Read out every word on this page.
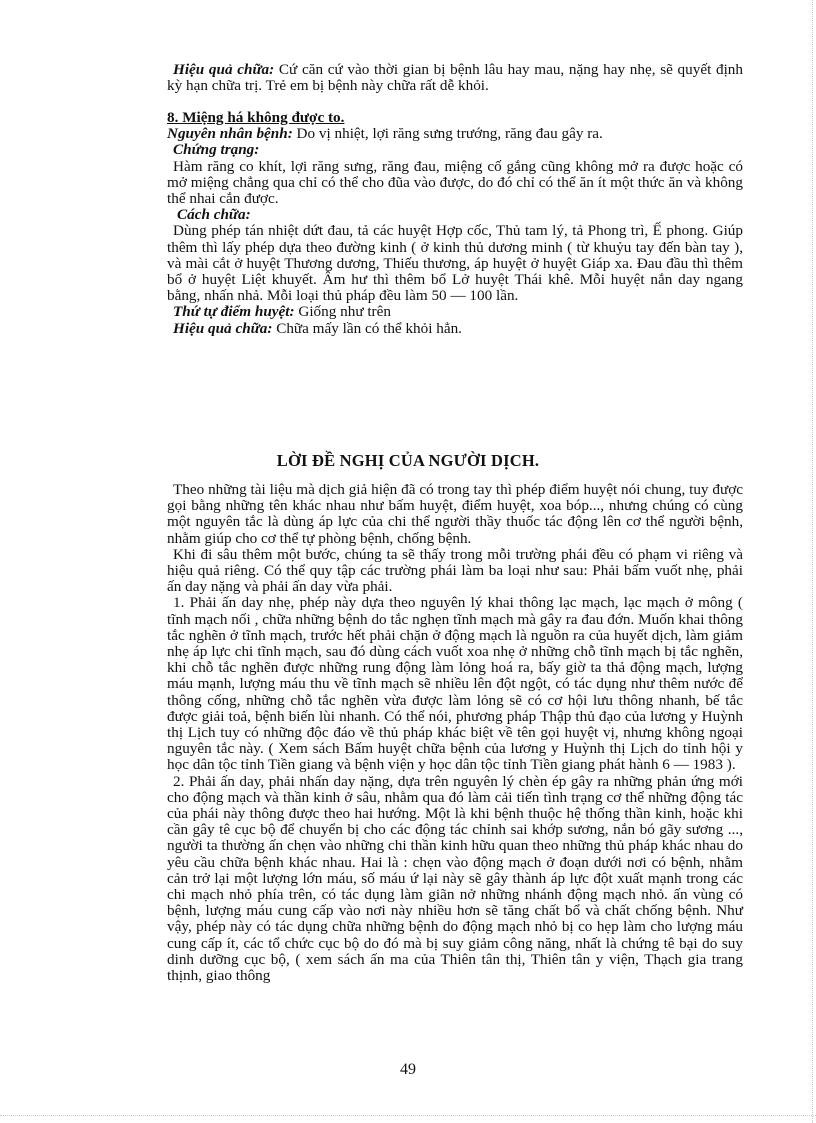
Hiệu quả chữa: Cứ căn cứ vào thời gian bị bệnh lâu hay mau, nặng hay nhẹ, sẽ quyết định kỳ hạn chữa trị. Trẻ em bị bệnh này chữa rất dễ khỏi.

8. Miệng há không được to.

Nguyên nhân bệnh: Do vị nhiệt, lợi răng sưng trướng, răng đau gây ra.

Chứng trạng:

Hàm răng co khít, lợi răng sưng, răng đau, miệng cố gắng cũng không mở ra được hoặc có mở miệng chẳng qua chỉ có thể cho đũa vào được, do đó chỉ có thể ăn ít một thức ăn và không thể nhai cắn được.

Cách chữa:

Dùng phép tán nhiệt dứt đau, tả các huyệt Hợp cốc, Thủ tam lý, tả Phong trì, Ế phong. Giúp thêm thì lấy phép dựa theo đường kinh ( ở kinh thủ dương minh ( từ khuỷu tay đến bàn tay ), và mài cắt ở huyệt Thương dương, Thiếu thương, áp huyệt ở huyệt Giáp xa. Đau đầu thì thêm bổ ở huyệt Liệt khuyết. Âm hư thì thêm bổ Lở huyệt Thái khê. Mỗi huyệt nắn day ngang bằng, nhấn nhả. Mỗi loại thủ pháp đều làm 50 — 100 lần.

Thứ tự điểm huyệt: Giống như trên

Hiệu quả chữa: Chữa mấy lần có thể khỏi hẳn.

LỜI ĐỀ NGHỊ CỦA NGƯỜI DỊCH.

Theo những tài liệu mà dịch giả hiện đã có trong tay thì phép điểm huyệt nói chung, tuy được gọi bằng những tên khác nhau như bấm huyệt, điểm huyệt, xoa bóp..., nhưng chúng có cùng một nguyên tắc là dùng áp lực của chi thể người thầy thuốc tác động lên cơ thể người bệnh, nhằm giúp cho cơ thể tự phòng bệnh, chống bệnh.

Khi đi sâu thêm một bước, chúng ta sẽ thấy trong mỗi trường phái đều có phạm vi riêng và hiệu quả riêng. Có thể quy tập các trường phái làm ba loại như sau: Phải bấm vuốt nhẹ, phải ấn day nặng và phải ấn day vừa phải.

1. Phải ấn day nhẹ, phép này dựa theo nguyên lý khai thông lạc mạch, lạc mạch ở mông ( tĩnh mạch nối , chữa những bệnh do tắc nghẹn tĩnh mạch mà gây ra đau đớn. Muốn khai thông tắc nghẽn ở tĩnh mạch, trước hết phải chặn ở động mạch là nguồn ra của huyết dịch, làm giảm nhẹ áp lực chi tĩnh mạch, sau đó dùng cách vuốt xoa nhẹ ở những chỗ tĩnh mạch bị tắc nghẽn, khi chỗ tắc nghẽn được những rung động làm lỏng hoá ra, bấy giờ ta thả động mạch, lượng máu mạnh, lượng máu thu về tĩnh mạch sẽ nhiều lên đột ngột, có tác dụng như thêm nước để thông cống, những chỗ tắc nghẽn vừa được làm lỏng sẽ có cơ hội lưu thông nhanh, bế tắc được giải toả, bệnh biến lùi nhanh. Có thể nói, phương pháp Thập thủ đạo của lương y Huỳnh thị Lịch tuy có những độc đáo về thủ pháp khác biệt về tên gọi huyệt vị, nhưng không ngoại nguyên tắc này. ( Xem sách Bấm huyệt chữa bệnh của lương y Huỳnh thị Lịch do tỉnh hội y học dân tộc tỉnh Tiền giang và bệnh viện y học dân tộc tỉnh Tiền giang phát hành 6 — 1983 ).

2. Phải ấn day, phải nhấn day nặng, dựa trên nguyên lý chèn ép gây ra những phản ứng mới cho động mạch và thần kinh ở sâu, nhằm qua đó làm cải tiến tình trạng cơ thể những động tác của phái này thông được theo hai hướng. Một là khi bệnh thuộc hệ thống thần kinh, hoặc khi cần gây tê cục bộ để chuyển bị cho các động tác chỉnh sai khớp sương, nắn bó gãy sương ..., người ta thường ấn chẹn vào những chi thần kinh hữu quan theo những thủ pháp khác nhau do yêu cầu chữa bệnh khác nhau. Hai là : chẹn vào động mạch ở đoạn dưới nơi có bệnh, nhằm cản trở lại một lượng lớn máu, số máu ứ lại này sẽ gây thành áp lực đột xuất mạnh trong các chi mạch nhỏ phía trên, có tác dụng làm giãn nở những nhánh động mạch nhỏ. ấn vùng có bệnh, lượng máu cung cấp vào nơi này nhiều hơn sẽ tăng chất bổ và chất chống bệnh. Như vậy, phép này có tác dụng chữa những bệnh do động mạch nhỏ bị co hẹp làm cho lượng máu cung cấp ít, các tổ chức cục bộ do đó mà bị suy giảm công năng, nhất là chứng tê bại do suy dinh dưỡng cục bộ, ( xem sách ấn ma của Thiên tân thị, Thiên tân y viện, Thạch gia trang thịnh, giao thông

49
